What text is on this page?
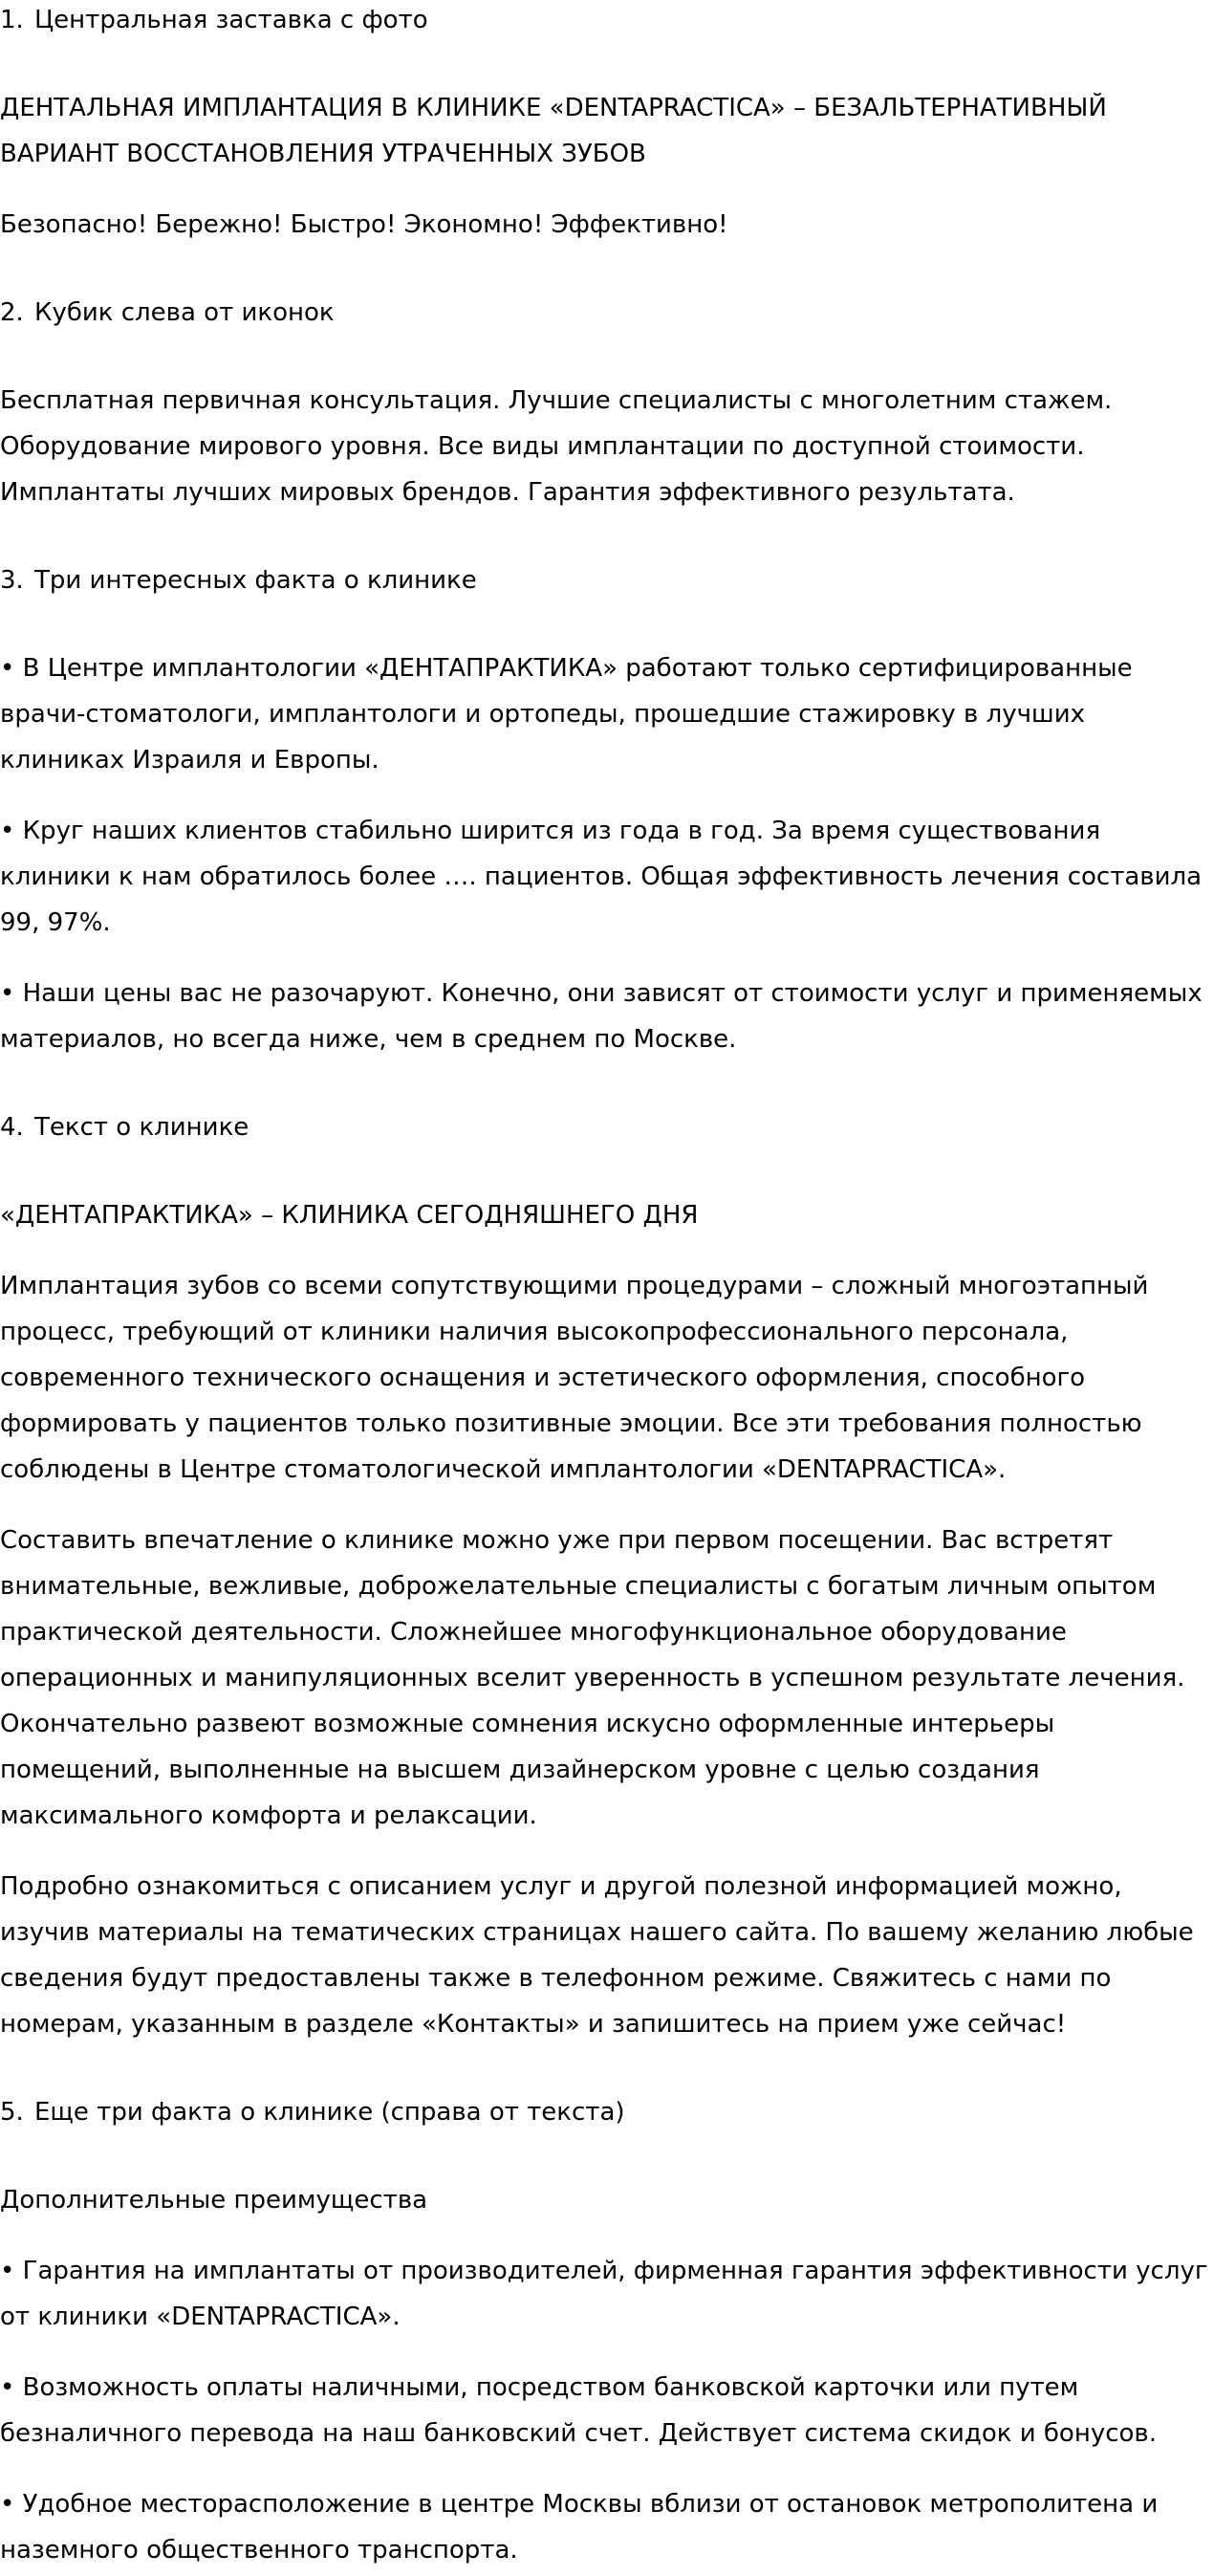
1. Центральная заставка с фото
ДЕНТАЛЬНАЯ ИМПЛАНТАЦИЯ В КЛИНИКЕ «DENTAPRACTICA» – БЕЗАЛЬТЕРНАТИВНЫЙ
ВАРИАНТ ВОССТАНОВЛЕНИЯ УТРАЧЕННЫХ ЗУБОВ
Безопасно! Бережно! Быстро! Экономно! Эффективно!
2. Кубик слева от иконок
Бесплатная первичная консультация. Лучшие специалисты с многолетним стажем.
Оборудование мирового уровня. Все виды имплантации по доступной стоимости.
Имплантаты лучших мировых брендов. Гарантия эффективного результата.
3. Три интересных факта о клинике
• В Центре имплантологии «ДЕНТАПРАКТИКА» работают только сертифицированные
врачи-стоматологи, имплантологи и ортопеды, прошедшие стажировку в лучших
клиниках Израиля и Европы.
• Круг наших клиентов стабильно ширится из года в год. За время существования
клиники к нам обратилось более …. пациентов. Общая эффективность лечения составила
99, 97%.
• Наши цены вас не разочаруют. Конечно, они зависят от стоимости услуг и применяемых
материалов, но всегда ниже, чем в среднем по Москве.
4. Текст о клинике
«ДЕНТАПРАКТИКА» – КЛИНИКА СЕГОДНЯШНЕГО ДНЯ
Имплантация зубов со всеми сопутствующими процедурами – сложный многоэтапный
процесс, требующий от клиники наличия высокопрофессионального персонала,
современного технического оснащения и эстетического оформления, способного
формировать у пациентов только позитивные эмоции. Все эти требования полностью
соблюдены в Центре стоматологической имплантологии «DENTAPRACTICA».
Составить впечатление о клинике можно уже при первом посещении. Вас встретят
внимательные, вежливые, доброжелательные специалисты с богатым личным опытом
практической деятельности. Сложнейшее многофункциональное оборудование
операционных и манипуляционных вселит уверенность в успешном результате лечения.
Окончательно развеют возможные сомнения искусно оформленные интерьеры
помещений, выполненные на высшем дизайнерском уровне с целью создания
максимального комфорта и релаксации.
Подробно ознакомиться с описанием услуг и другой полезной информацией можно,
изучив материалы на тематических страницах нашего сайта. По вашему желанию любые
сведения будут предоставлены также в телефонном режиме. Свяжитесь с нами по
номерам, указанным в разделе «Контакты» и запишитесь на прием уже сейчас!
5. Еще три факта о клинике (справа от текста)
Дополнительные преимущества
• Гарантия на имплантаты от производителей, фирменная гарантия эффективности услуг
от клиники «DENTAPRACTICA».
• Возможность оплаты наличными, посредством банковской карточки или путем
безналичного перевода на наш банковский счет. Действует система скидок и бонусов.
• Удобное месторасположение в центре Москвы вблизи от остановок метрополитена и
наземного общественного транспорта.
